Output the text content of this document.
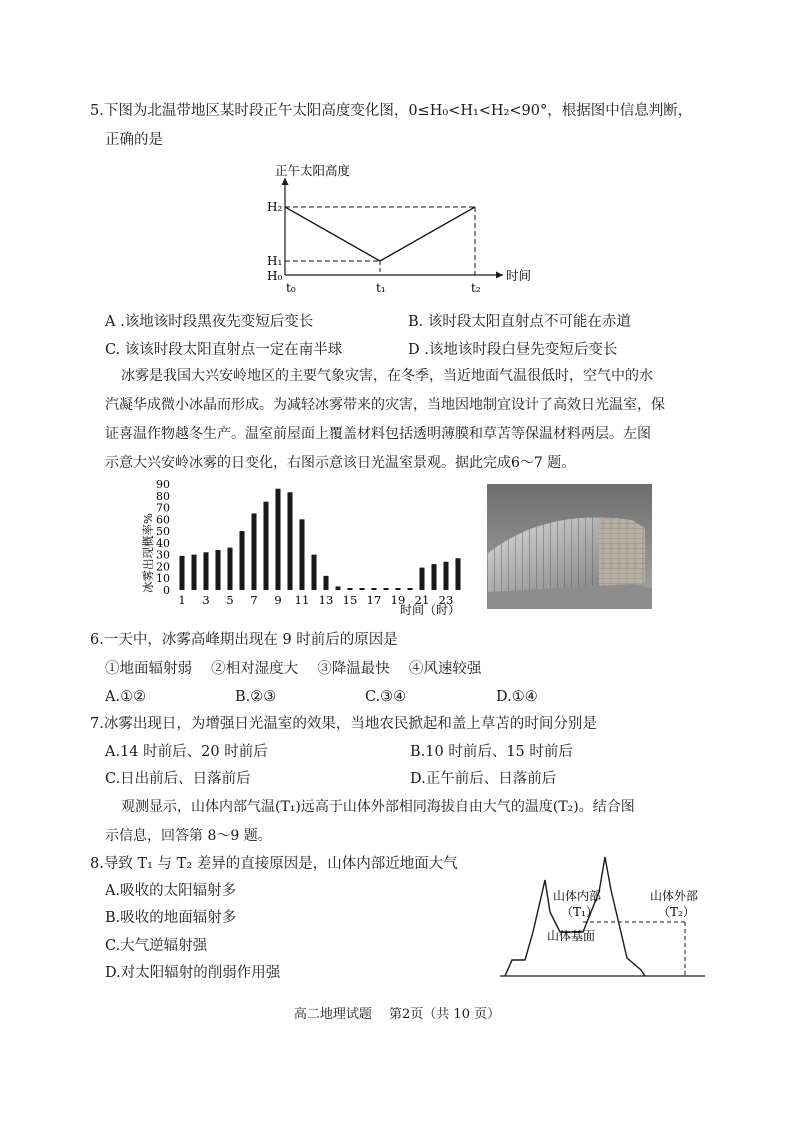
5.下图为北温带地区某时段正午太阳高度变化图，0≤H₀<H₁<H₂<90°，根据图中信息判断，
正确的是
正午太阳高度
时间
H₂
H₁
H₀
t₀	t₁	t₂
A .该地该时段黑夜先变短后变长	B. 该时段太阳直射点不可能在赤道
C. 该该时段太阳直射点一定在南半球	D .该地该时段白昼先变短后变长
冰雾是我国大兴安岭地区的主要气象灾害，在冬季，当近地面气温很低时，空气中的水
汽凝华成微小冰晶而形成。为减轻冰雾带来的灾害，当地因地制宜设计了高效日光温室，保
证喜温作物越冬生产。温室前屋面上覆盖材料包括透明薄膜和草苫等保温材料两层。左图
示意大兴安岭冰雾的日变化，右图示意该日光温室景观。据此完成6～7 题。
冰雾出现概率% 0
10
20
30
40
50
60
70
80
90
1 3 5 7 9 11 13 15 17 19 21 23
时间（时）
6.一天中，冰雾高峰期出现在 9 时前后的原因是
①地面辐射弱 　②相对湿度大 　③降温最快 　④风速较强
A.①②	B.②③	C.③④	D.①④
7.冰雾出现日，为增强日光温室的效果，当地农民掀起和盖上草苫的时间分别是
A.14 时前后、20 时前后	B.10 时前后、15 时前后
C.日出前后、日落前后	D.正午前后、日落前后
观测显示，山体内部气温(T₁)远高于山体外部相同海拔自由大气的温度(T₂)。结合图
示信息，回答第 8～9 题。
8.导致 T₁ 与 T₂ 差异的直接原因是，山体内部近地面大气
A.吸收的太阳辐射多
B.吸收的地面辐射多
C.大气逆辐射强
D.对太阳辐射的削弱作用强
山体内部
（T₁）
山体外部
（T₂）
山体基面
高二地理试题 　第2页（共 10 页）
